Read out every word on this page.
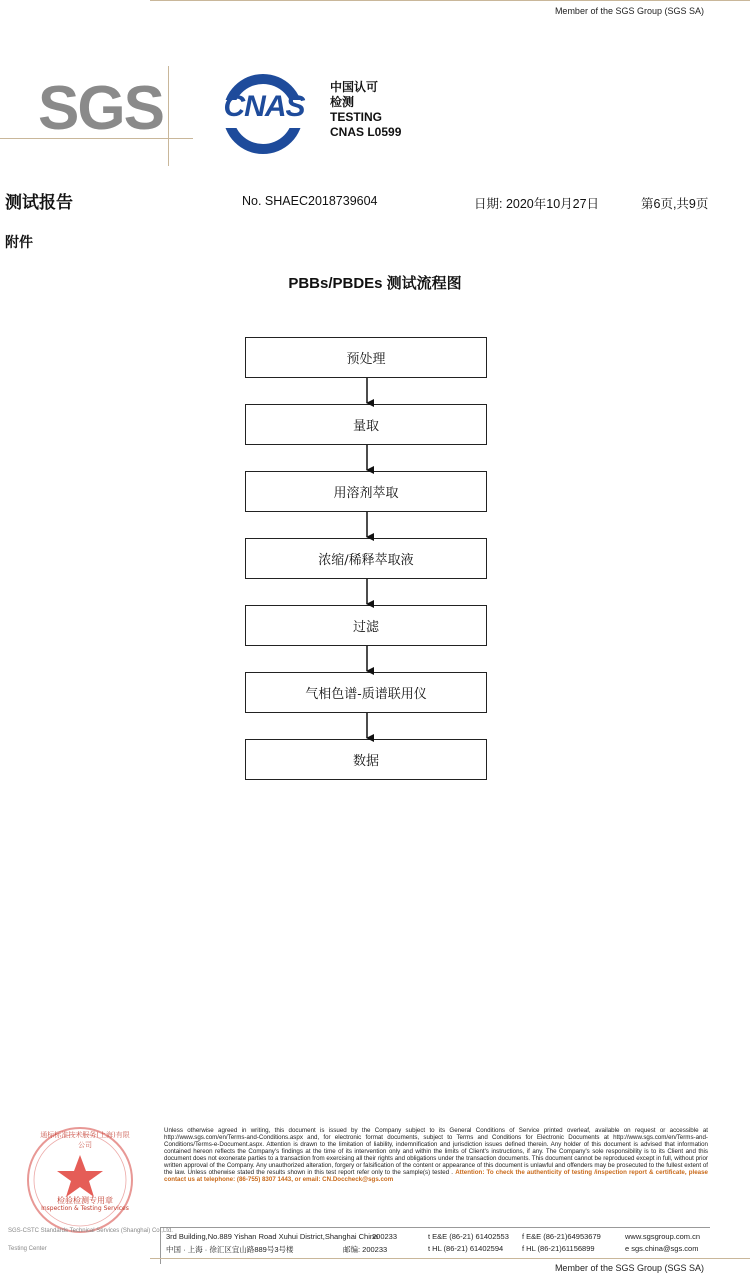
Member of the SGS Group (SGS SA)
SGS	CNAS
中国认可
检测
TESTING
CNAS L0599
测试报告	No. SHAEC2018739604	日期: 2020年10月27日	第6页,共9页
附件
PBBs/PBDEs 测试流程图
预处理
量取
用溶剂萃取
浓缩/稀释萃取液
过滤
气相色谱-质谱联用仪
数据
通标标准技术服务(上海)有限公司
检验检测专用章
Inspection & Testing Services
Unless otherwise agreed in writing, this document is issued by the Company subject to its General Conditions of Service printed overleaf, available on request or accessible at http://www.sgs.com/en/Terms-and-Conditions.aspx and, for electronic format documents, subject to Terms and Conditions for Electronic Documents at http://www.sgs.com/en/Terms-and-Conditions/Terms-e-Document.aspx. Attention is drawn to the limitation of liability, indemnification and jurisdiction issues defined therein. Any holder of this document is advised that information contained hereon reflects the Company's findings at the time of its intervention only and within the limits of Client's instructions, if any. The Company's sole responsibility is to its Client and this document does not exonerate parties to a transaction from exercising all their rights and obligations under the transaction documents. This document cannot be reproduced except in full, without prior written approval of the Company. Any unauthorized alteration, forgery or falsification of the content or appearance of this document is unlawful and offenders may be prosecuted to the fullest extent of the law. Unless otherwise stated the results shown in this test report refer only to the sample(s) tested . Attention: To check the authenticity of testing /inspection report & certificate, please contact us at telephone: (86-755) 8307 1443, or email: CN.Doccheck@sgs.com
SGS-CSTC Standards Technical Services (Shanghai) Co.,Ltd.
Testing Center
3rd Building,No.889 Yishan Road Xuhui District,Shanghai China
200233	t E&E (86-21) 61402553 f E&E (86-21)64953679	www.sgsgroup.com.cn
中国 · 上海 · 徐汇区宜山路889号3号楼	邮编: 200233	t HL (86-21) 61402594	f HL (86-21)61156899	e sgs.china@sgs.com
Member of the SGS Group (SGS SA)
